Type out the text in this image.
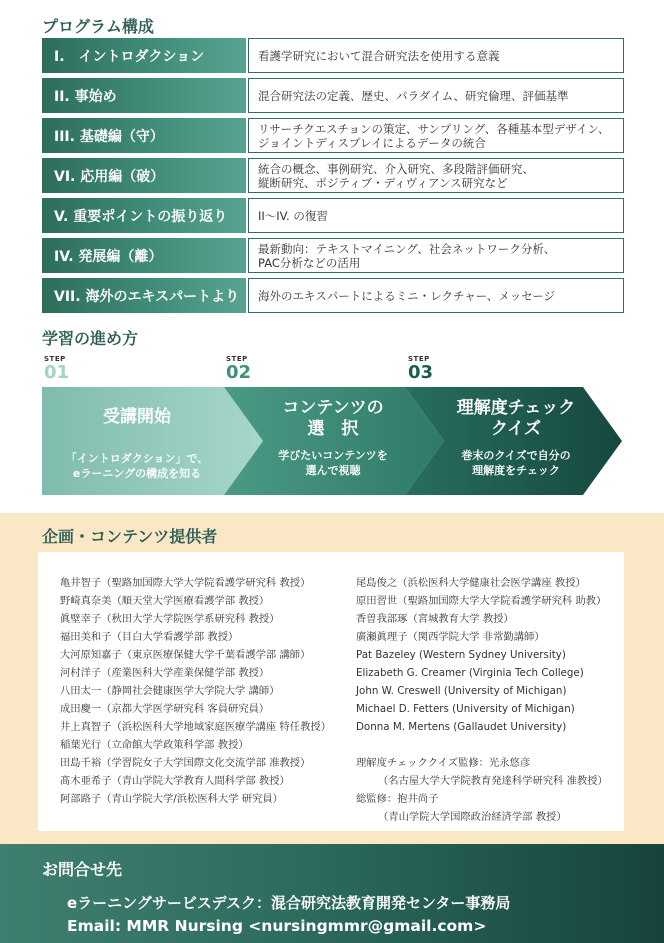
プログラム構成
I.　イントロダクション	看護学研究において混合研究法を使用する意義
II. 事始め	混合研究法の定義、歴史、パラダイム、研究倫理、評価基準
III. 基礎編（守）	リサーチクエスチョンの策定、サンプリング、各種基本型デザイン、
ジョイントディスプレイによるデータの統合
VI. 応用編（破）	統合の概念、事例研究、介入研究、多段階評価研究、
縦断研究、ポジティブ・ディヴィアンス研究など
V. 重要ポイントの振り返り	II〜IV. の復習
IV. 発展編（離）	最新動向：テキストマイニング、社会ネットワーク分析、
PAC分析などの活用
VII. 海外のエキスパートより	海外のエキスパートによるミニ・レクチャー、メッセージ
学習の進め方
STEP
01
STEP
02
STEP
03
受講開始
「イントロダクション」で、
eラーニングの構成を知る
コンテンツの
選　択
学びたいコンテンツを
選んで視聴
理解度チェック
クイズ
巻末のクイズで自分の
理解度をチェック
企画・コンテンツ提供者
亀井智子（聖路加国際大学大学院看護学研究科 教授）
野崎真奈美（順天堂大学医療看護学部 教授）
眞壁幸子（秋田大学大学院医学系研究科 教授）
福田美和子（目白大学看護学部 教授）
大河原知嘉子（東京医療保健大学千葉看護学部 講師）
河村洋子（産業医科大学産業保健学部 教授）
八田太一（静岡社会健康医学大学院大学 講師）
成田慶一（京都大学医学研究科 客員研究員）
井上真智子（浜松医科大学地域家庭医療学講座 特任教授）
稲葉光行（立命館大学政策科学部 教授）
田島千裕（学習院女子大学国際文化交流学部 准教授）
髙木亜希子（青山学院大学教育人間科学部 教授）
阿部路子（青山学院大学/浜松医科大学 研究員）
尾島俊之（浜松医科大学健康社会医学講座 教授）
原田習世（聖路加国際大学大学院看護学研究科 助教）
香曽我部琢（宮城教育大学 教授）
廣瀬眞理子（関西学院大学 非常勤講師）
Pat Bazeley (Western Sydney University)
Elizabeth G. Creamer (Virginia Tech College)
John W. Creswell (University of Michigan)
Michael D. Fetters (University of Michigan)
Donna M. Mertens (Gallaudet University)
理解度チェッククイズ監修：光永悠彦
（名古屋大学大学院教育発達科学研究科 准教授）
総監修：抱井尚子
（青山学院大学国際政治経済学部 教授）
お問合せ先
eラーニングサービスデスク：混合研究法教育開発センター事務局
Email: MMR Nursing <nursingmmr@gmail.com>
